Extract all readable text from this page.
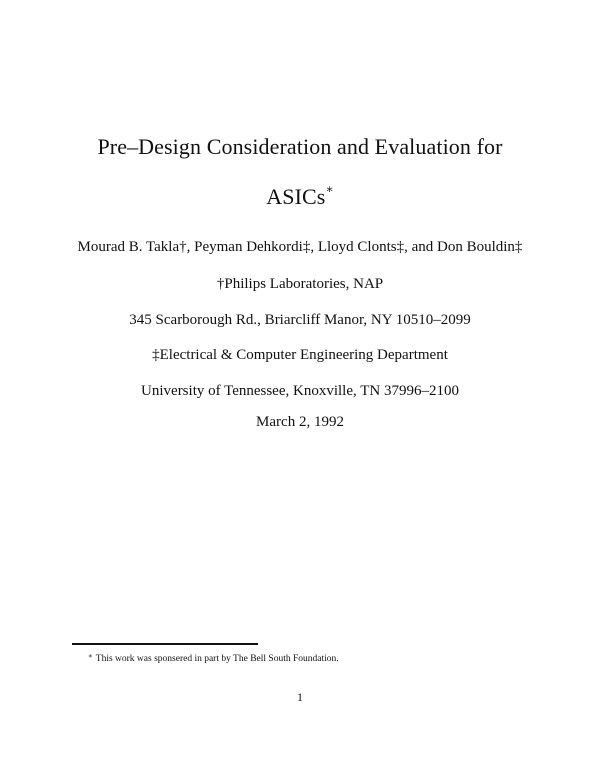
Pre–Design Consideration and Evaluation for
ASICs∗
Mourad B. Takla†, Peyman Dehkordi‡, Lloyd Clonts‡, and Don Bouldin‡
†Philips Laboratories, NAP
345 Scarborough Rd., Briarcliff Manor, NY 10510–2099
‡Electrical & Computer Engineering Department
University of Tennessee, Knoxville, TN 37996–2100
March 2, 1992
∗ This work was sponsered in part by The Bell South Foundation.
1
